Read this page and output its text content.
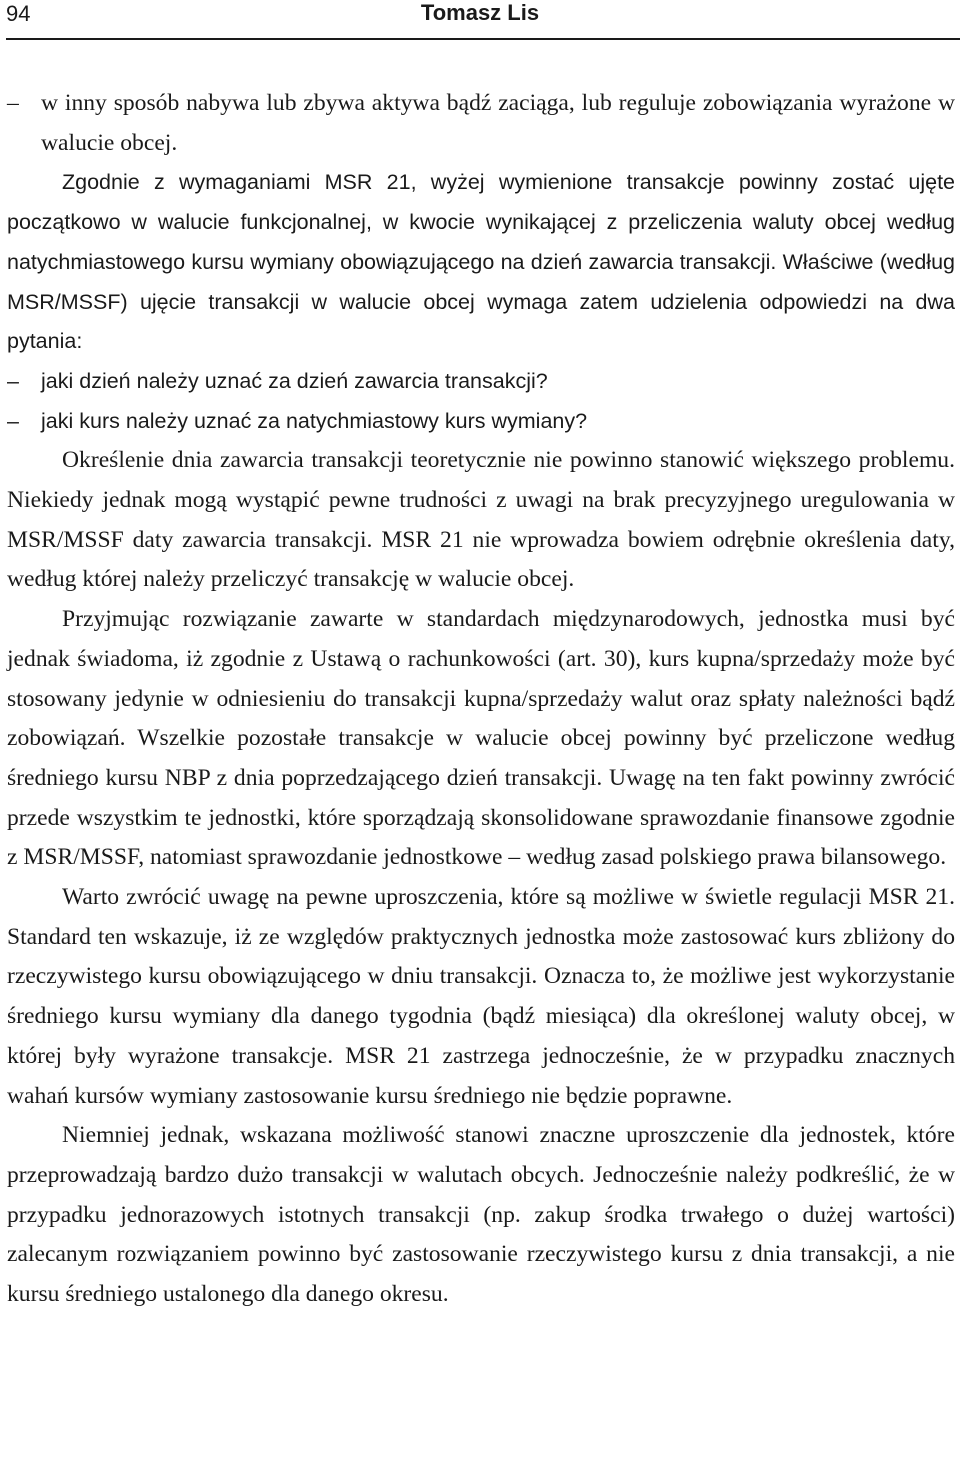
94	Tomasz Lis
– w inny sposób nabywa lub zbywa aktywa bądź zaciąga, lub reguluje zobowiązania wyrażone w walucie obcej.

Zgodnie z wymaganiami MSR 21, wyżej wymienione transakcje powinny zostać ujęte początkowo w walucie funkcjonalnej, w kwocie wynikającej z przeliczenia waluty obcej według natychmiastowego kursu wymiany obowiązującego na dzień zawarcia transakcji. Właściwe (według MSR/MSSF) ujęcie transakcji w walucie obcej wymaga zatem udzielenia odpowiedzi na dwa pytania:

–	jaki dzień należy uznać za dzień zawarcia transakcji?
–	jaki kurs należy uznać za natychmiastowy kurs wymiany?

Określenie dnia zawarcia transakcji teoretycznie nie powinno stanowić większego problemu. Niekiedy jednak mogą wystąpić pewne trudności z uwagi na brak precyzyjnego uregulowania w MSR/MSSF daty zawarcia transakcji. MSR 21 nie wprowadza bowiem odrębnie określenia daty, według której należy przeliczyć transakcję w walucie obcej.

Przyjmując rozwiązanie zawarte w standardach międzynarodowych, jednostka musi być jednak świadoma, iż zgodnie z Ustawą o rachunkowości (art. 30), kurs kupna/sprzedaży może być stosowany jedynie w odniesieniu do transakcji kupna/sprzedaży walut oraz spłaty należności bądź zobowiązań. Wszelkie pozostałe transakcje w walucie obcej powinny być przeliczone według średniego kursu NBP z dnia poprzedzającego dzień transakcji. Uwagę na ten fakt powinny zwrócić przede wszystkim te jednostki, które sporządzają skonsolidowane sprawozdanie finansowe zgodnie z MSR/MSSF, natomiast sprawozdanie jednostkowe – według zasad polskiego prawa bilansowego.

Warto zwrócić uwagę na pewne uproszczenia, które są możliwe w świetle regulacji MSR 21. Standard ten wskazuje, iż ze względów praktycznych jednostka może zastosować kurs zbliżony do rzeczywistego kursu obowiązującego w dniu transakcji. Oznacza to, że możliwe jest wykorzystanie średniego kursu wymiany dla danego tygodnia (bądź miesiąca) dla określonej waluty obcej, w której były wyrażone transakcje. MSR 21 zastrzega jednocześnie, że w przypadku znacznych wahań kursów wymiany zastosowanie kursu średniego nie będzie poprawne.

Niemniej jednak, wskazana możliwość stanowi znaczne uproszczenie dla jednostek, które przeprowadzają bardzo dużo transakcji w walutach obcych. Jednocześnie należy podkreślić, że w przypadku jednorazowych istotnych transakcji (np. zakup środka trwałego o dużej wartości) zalecanym rozwiązaniem powinno być zastosowanie rzeczywistego kursu z dnia transakcji, a nie kursu średniego ustalonego dla danego okresu.
